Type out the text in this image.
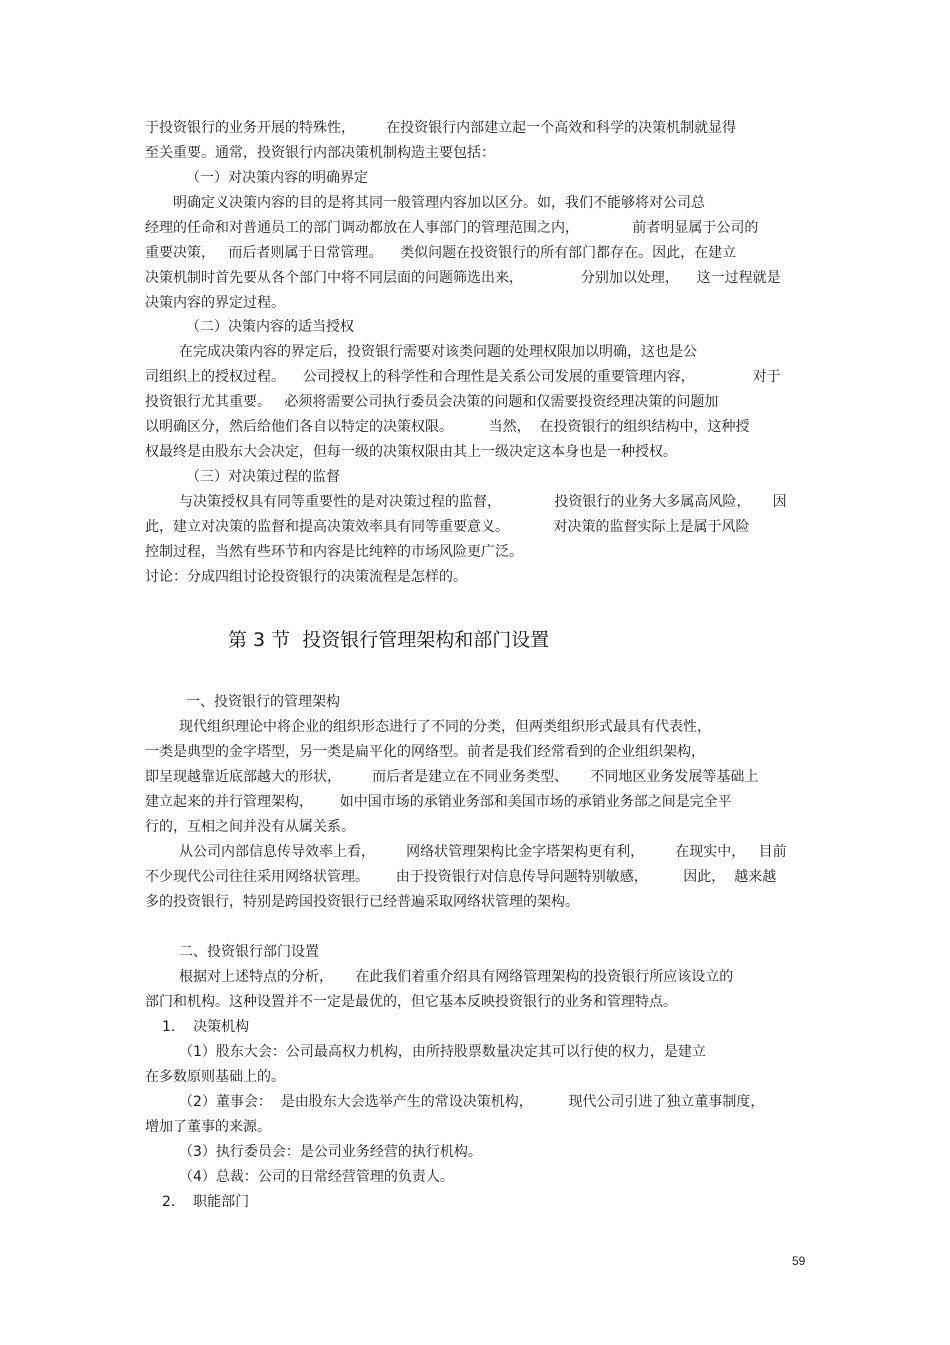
于投资银行的业务开展的特殊性，       在投资银行内部建立起一个高效和科学的决策机制就显得

至关重要。通常，投资银行内部决策机制构造主要包括：

（一）对决策内容的明确界定

明确定义决策内容的目的是将其同一般管理内容加以区分。如，我们不能够将对公司总

经理的任命和对普通员工的部门调动都放在人事部门的管理范围之内，            前者明显属于公司的

重要决策，   而后者则属于日常管理。    类似问题在投资银行的所有部门都存在。因此，在建立

决策机制时首先要从各个部门中将不同层面的问题筛选出来，             分别加以处理，    这一过程就是

决策内容的界定过程。

（二）决策内容的适当授权

在完成决策内容的界定后，投资银行需要对该类问题的处理权限加以明确，这也是公

司组织上的授权过程。    公司授权上的科学性和合理性是关系公司发展的重要管理内容，             对于

投资银行尤其重要。   必须将需要公司执行委员会决策的问题和仅需要投资经理决策的问题加

以明确区分，然后给他们各自以特定的决策权限。        当然，  在投资银行的组织结构中，这种授

权最终是由股东大会决定，但每一级的决策权限由其上一级决定这本身也是一种授权。

（三）对决策过程的监督

与决策授权具有同等重要性的是对决策过程的监督，            投资银行的业务大多属高风险，     因

此，建立对决策的监督和提高决策效率具有同等重要意义。          对决策的监督实际上是属于风险

控制过程，当然有些环节和内容是比纯粹的市场风险更广泛。

讨论：分成四组讨论投资银行的决策流程是怎样的。

第 3 节  投资银行管理架构和部门设置

一、投资银行的管理架构

现代组织理论中将企业的组织形态进行了不同的分类，但两类组织形式最具有代表性，

一类是典型的金字塔型，另一类是扁平化的网络型。前者是我们经常看到的企业组织架构，

即呈现越靠近底部越大的形状，       而后者是建立在不同业务类型、     不同地区业务发展等基础上

建立起来的并行管理架构，      如中国市场的承销业务部和美国市场的承销业务部之间是完全平

行的，互相之间并没有从属关系。

从公司内部信息传导效率上看，       网络状管理架构比金字塔架构更有利，       在现实中，   目前

不少现代公司往往采用网络状管理。      由于投资银行对信息传导问题特别敏感，        因此，  越来越

多的投资银行，特别是跨国投资银行已经普遍采取网络状管理的架构。

二、投资银行部门设置

根据对上述特点的分析，     在此我们着重介绍具有网络管理架构的投资银行所应该设立的

部门和机构。这种设置并不一定是最优的，但它基本反映投资银行的业务和管理特点。

1.    决策机构

（1）股东大会：公司最高权力机构，由所持股票数量决定其可以行使的权力，是建立

在多数原则基础上的。

（2）董事会：  是由股东大会选举产生的常设决策机构，        现代公司引进了独立董事制度，

增加了董事的来源。

（3）执行委员会：是公司业务经营的执行机构。

（4）总裁：公司的日常经营管理的负责人。

2.    职能部门

59
